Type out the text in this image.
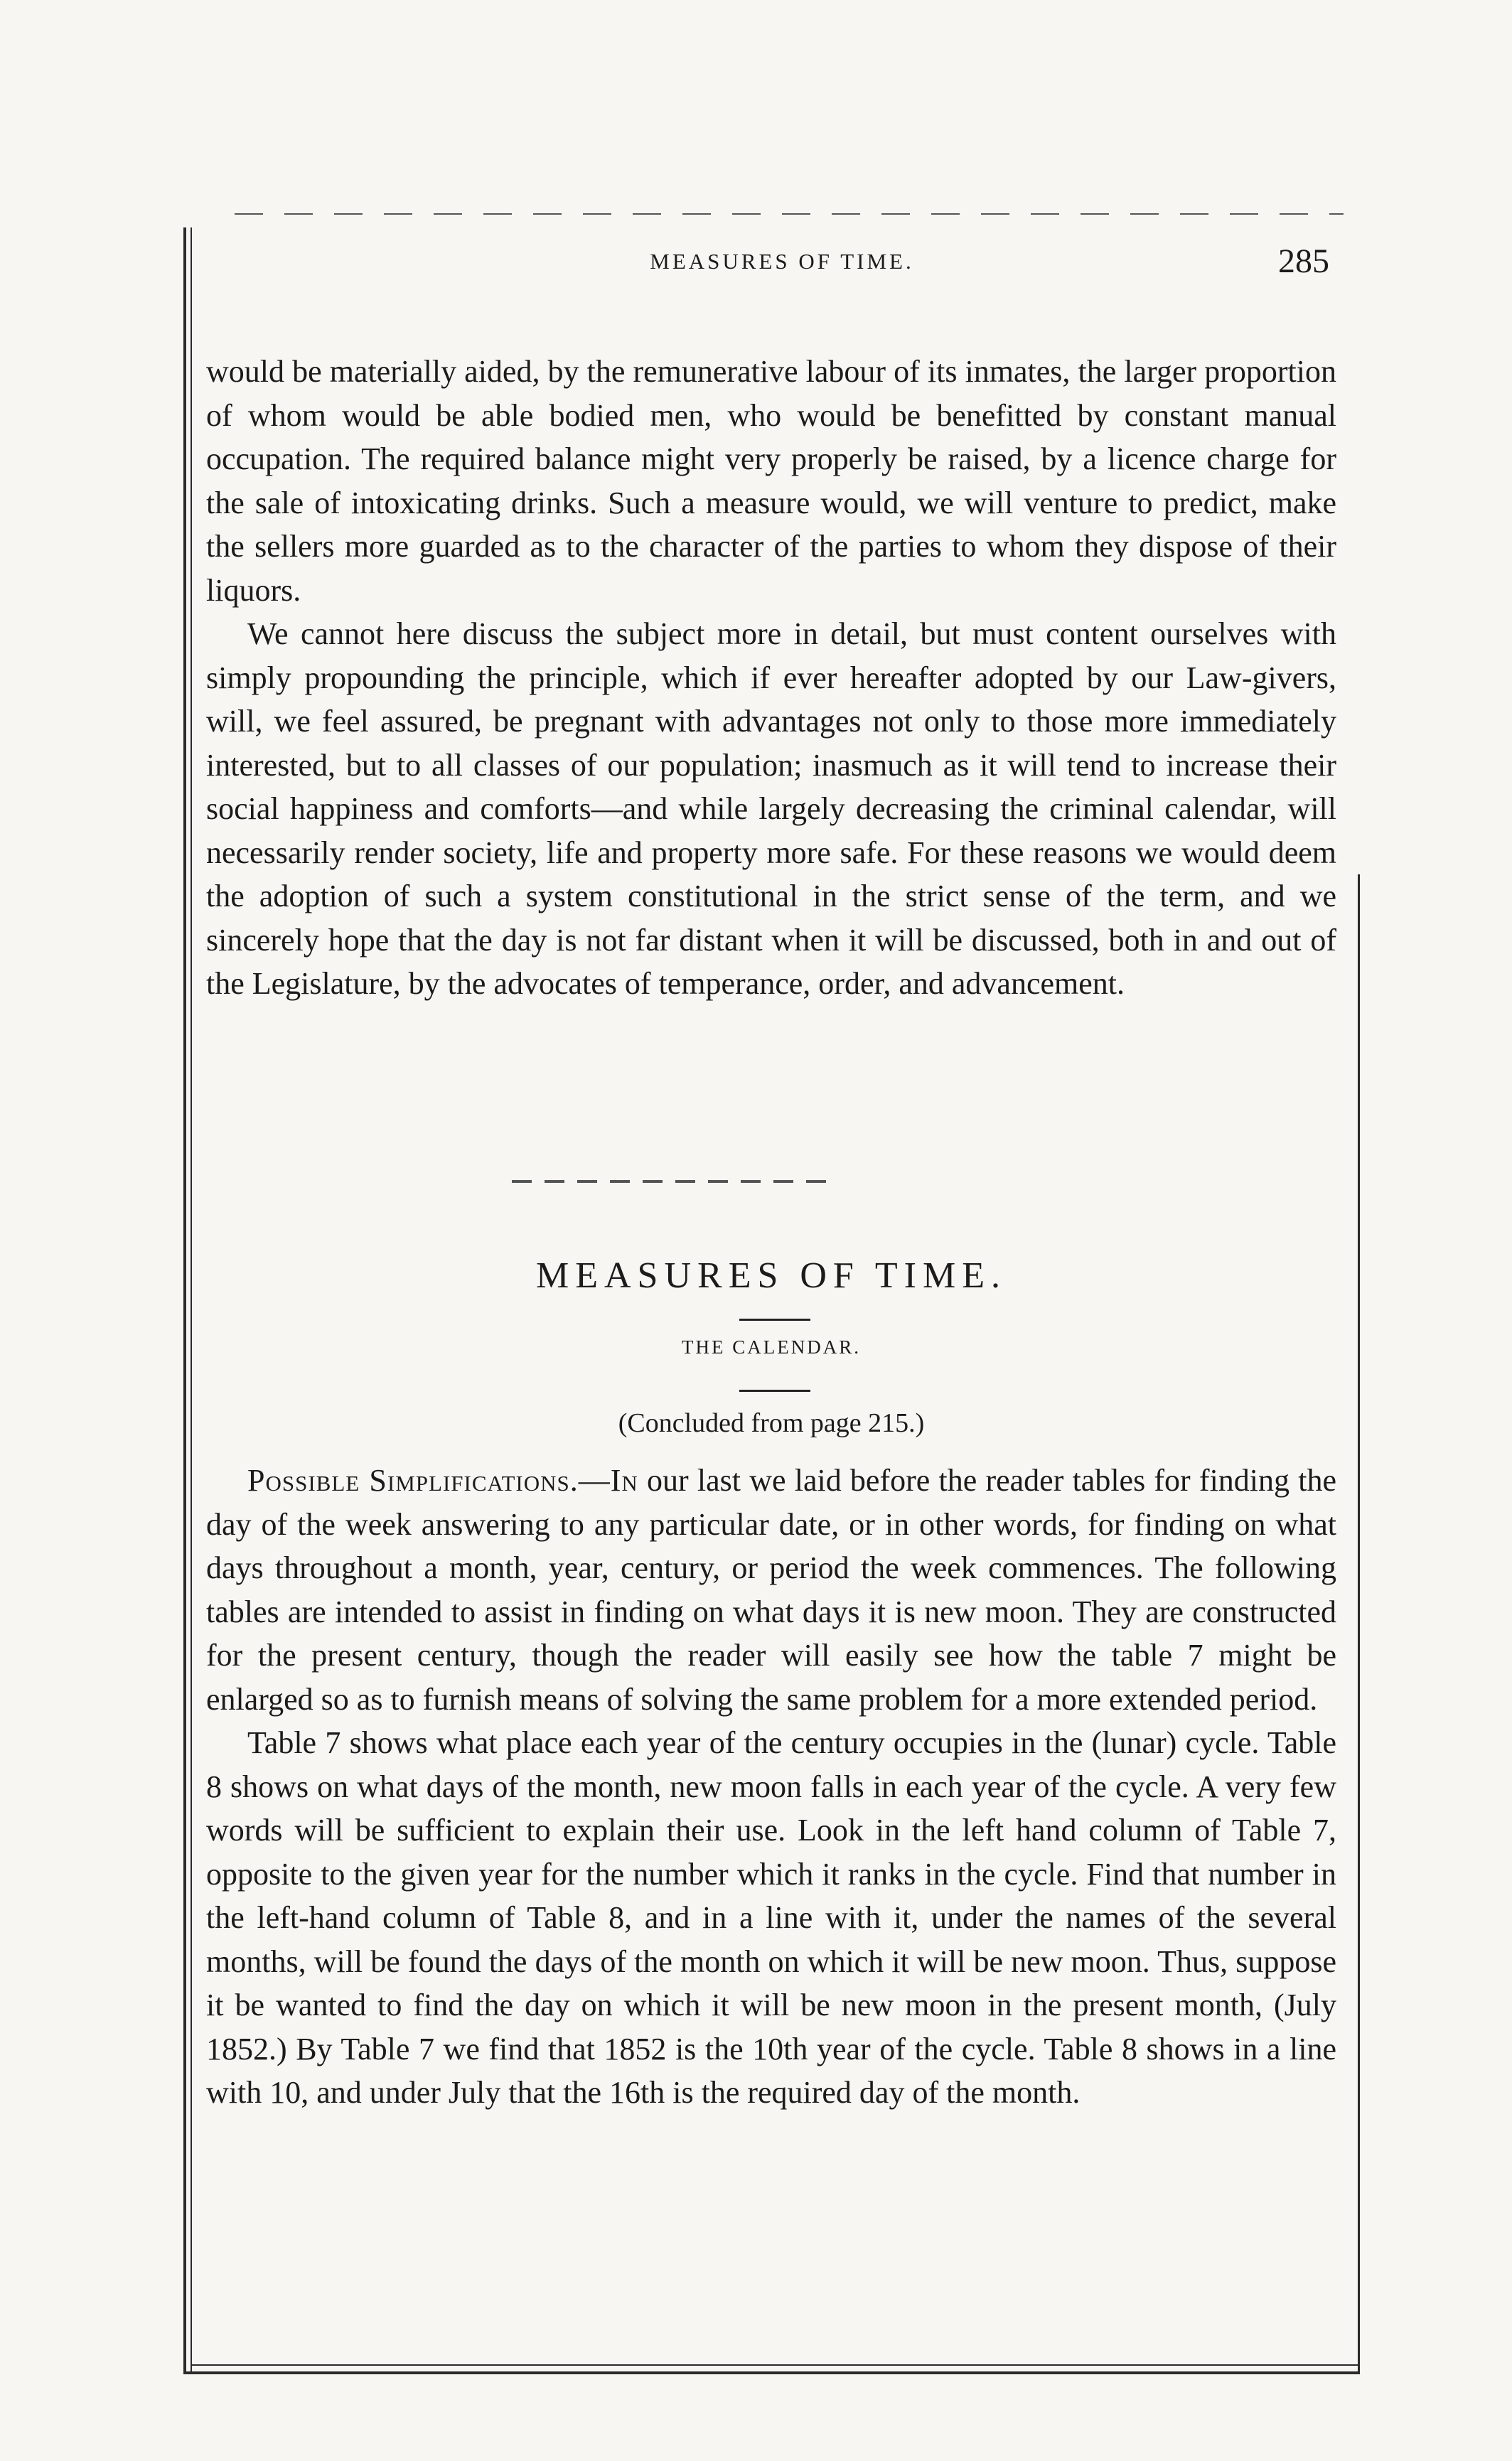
MEASURES OF TIME.	285

would be materially aided, by the remunerative labour of its inmates, the larger proportion of whom would be able bodied men, who would be benefitted by constant manual occupation. The required balance might very properly be raised, by a licence charge for the sale of intoxicating drinks. Such a measure would, we will venture to predict, make the sellers more guarded as to the character of the parties to whom they dispose of their liquors.

We cannot here discuss the subject more in detail, but must content ourselves with simply propounding the principle, which if ever hereafter adopted by our Law-givers, will, we feel assured, be pregnant with advantages not only to those more immediately interested, but to all classes of our population; inasmuch as it will tend to increase their social happiness and comforts—and while largely decreasing the criminal calendar, will necessarily render society, life and property more safe. For these reasons we would deem the adoption of such a system constitutional in the strict sense of the term, and we sincerely hope that the day is not far distant when it will be discussed, both in and out of the Legislature, by the advocates of temperance, order, and advancement.

MEASURES OF TIME.
THE CALENDAR.
(Concluded from page 215.)

Possible Simplifications.—In our last we laid before the reader tables for finding the day of the week answering to any particular date, or in other words, for finding on what days throughout a month, year, century, or period the week commences. The following tables are intended to assist in finding on what days it is new moon. They are constructed for the present century, though the reader will easily see how the table 7 might be enlarged so as to furnish means of solving the same problem for a more extended period.

Table 7 shows what place each year of the century occupies in the (lunar) cycle. Table 8 shows on what days of the month, new moon falls in each year of the cycle. A very few words will be sufficient to explain their use. Look in the left hand column of Table 7, opposite to the given year for the number which it ranks in the cycle. Find that number in the left-hand column of Table 8, and in a line with it, under the names of the several months, will be found the days of the month on which it will be new moon. Thus, suppose it be wanted to find the day on which it will be new moon in the present month, (July 1852.) By Table 7 we find that 1852 is the 10th year of the cycle. Table 8 shows in a line with 10, and under July that the 16th is the required day of the month.
